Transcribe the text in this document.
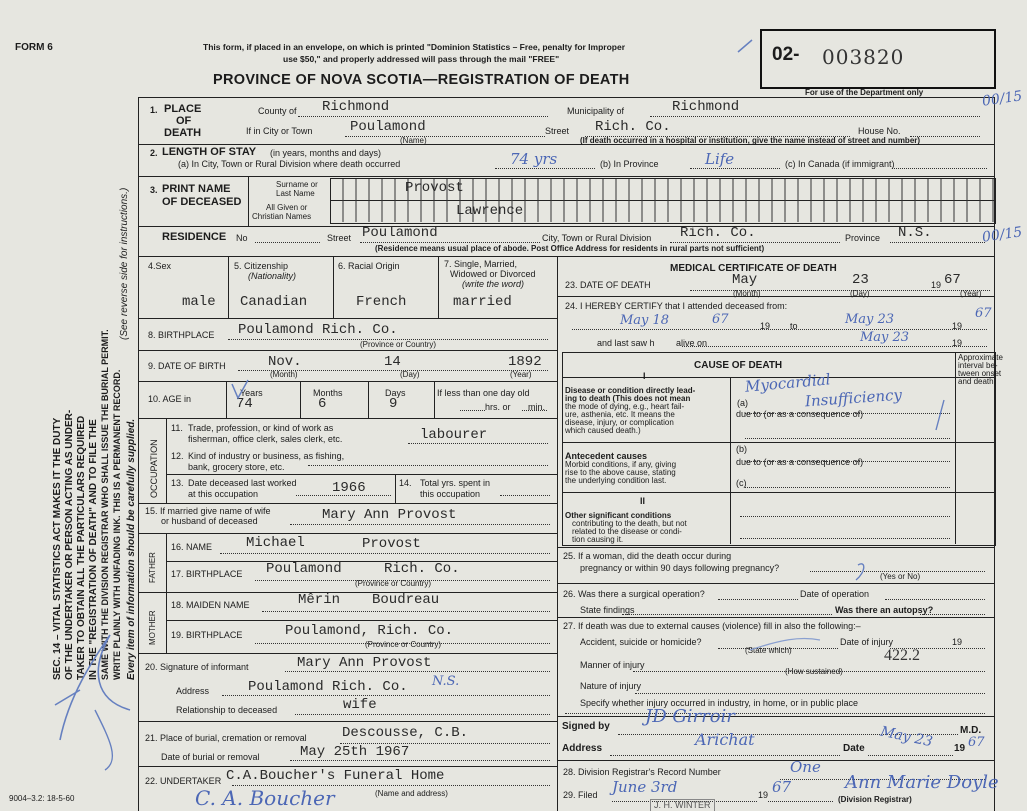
FORM 6	This form, if placed in an envelope, on which is printed "Dominion Statistics – Free, penalty for Improper
use $50," and properly addressed will pass through the mail "FREE"
PROVINCE OF NOVA SCOTIA—REGISTRATION OF DEATH
02- 003820
For use of the Department only	00/15
00/15
SEC. 14 – VITAL STATISTICS ACT MAKES IT THE DUTY OF THE UNDERTAKER OR PERSON ACTING AS UNDER- TAKER TO OBTAIN ALL THE PARTICULARS REQUIRED IN THE "REGISTRATION OF DEATH" AND TO FILE THE SAME WITH THE DIVISION REGISTRAR WHO SHALL ISSUE THE BURIAL PERMIT. WRITE PLAINLY WITH UNFADING INK. THIS IS A PERMANENT RECORD. Every item of information should be carefully supplied.
(See reverse side for instructions.)
1. PLACE
OF
DEATH
County of Richmond	Municipality of	Richmond
If in City or Town	Poulamond
(Name)
Street Rich. Co.	House No.
(If death occurred in a hospital or institution, give the name instead of street and number)
2. LENGTH OF STAY (in years, months and days)
(a) In City, Town or Rural Division where death occurred	74 yrs	(b) In Province	Life	(c) In Canada (if immigrant)
3. PRINT NAME
OF DECEASED
Surname or
Last Name	Provost
All Given or
Christian Names	Lawrence
RESIDENCE No	Street Poulamond	City, Town or Rural Division Rich. Co.	Province N.S.
(Residence means usual place of abode. Post Office Address for residents in rural parts not sufficient)
4.Sex
male
5. Citizenship
(Nationality)
Canadian
6. Racial Origin
French
7. Single, Married,
Widowed or Divorced
(write the word)
married
8. BIRTHPLACE Poulamond Rich. Co.
(Province or Country)
9. DATE OF BIRTH	Nov.	14	1892
(Month)	(Day)	(Year)
10. AGE in
Years
74
Months
6
Days
9
If less than one day old
hrs. or min.
OCCUPATION
11. Trade, profession, or kind of work as
fisherman, office clerk, sales clerk, etc.	labourer
12. Kind of industry or business, as fishing,
bank, grocery store, etc.
13. Date deceased last worked
at this occupation	1966	14. Total yrs. spent in
this occupation
15. If married give name of wife
or husband of deceased	Mary Ann Provost
FATHER
16. NAME Michael	Provost
17. BIRTHPLACE Poulamond	Rich. Co.
(Province or Country)
MOTHER
18. MAIDEN NAME	Mêrin Boudreau
19. BIRTHPLACE	Poulamond, Rich. Co.
(Province or Country)
20. Signature of informant	Mary Ann Provost
Address	Poulamond Rich. Co. N.S.
Relationship to deceased	wife
21. Place of burial, cremation or removal	Descousse, C.B.
Date of burial or removal	May 25th 1967
22. UNDERTAKER C.A.Boucher's Funeral Home
(Name and address)
C. A. Boucher
9004–3.2: 18-5-60
MEDICAL CERTIFICATE OF DEATH
23. DATE OF DEATH	May	23	19 67
(Month)	(Day)	(Year)
24. I HEREBY CERTIFY that I attended deceased from:
May 18	19
67	to	May 23	19
67
and last saw h alive on	May 23	19
CAUSE OF DEATH
Approximate
interval be-
tween onset
and death
I
Disease or condition directly lead-
ing to death (This does not mean
the mode of dying, e.g., heart fail-
ure, asthenia, etc. It means the
disease, injury, or complication
which caused death.)
(a)
Myocardial
Insufficiency
due to (or as a consequence of)
Antecedent causes
Morbid conditions, if any, giving
rise to the above cause, stating
the underlying condition last.
(b)
due to (or as a consequence of)
(c)
II
Other significant conditions
contributing to the death, but not
related to the disease or condi-
tion causing it.
25. If a woman, did the death occur during
pregnancy or within 90 days following pregnancy?
(Yes or No)
26. Was there a surgical operation?	Date of operation
State findings	Was there an autopsy?
27. If death was due to external causes (violence) fill in also the following:–
Accident, suicide or homicide?	Date of injury	19
(State which)	422.2
Manner of injury
(How sustained)
Nature of injury
Specify whether injury occurred in industry, in home, or in public place
Signed by JD Girroir
M.D.
Address	Arichat	Date May 23 19 67
28. Division Registrar's Record Number	One
29. Filed June 3rd	19 67	Ann Marie Doyle
J. H. WINTER
(Division Registrar)
